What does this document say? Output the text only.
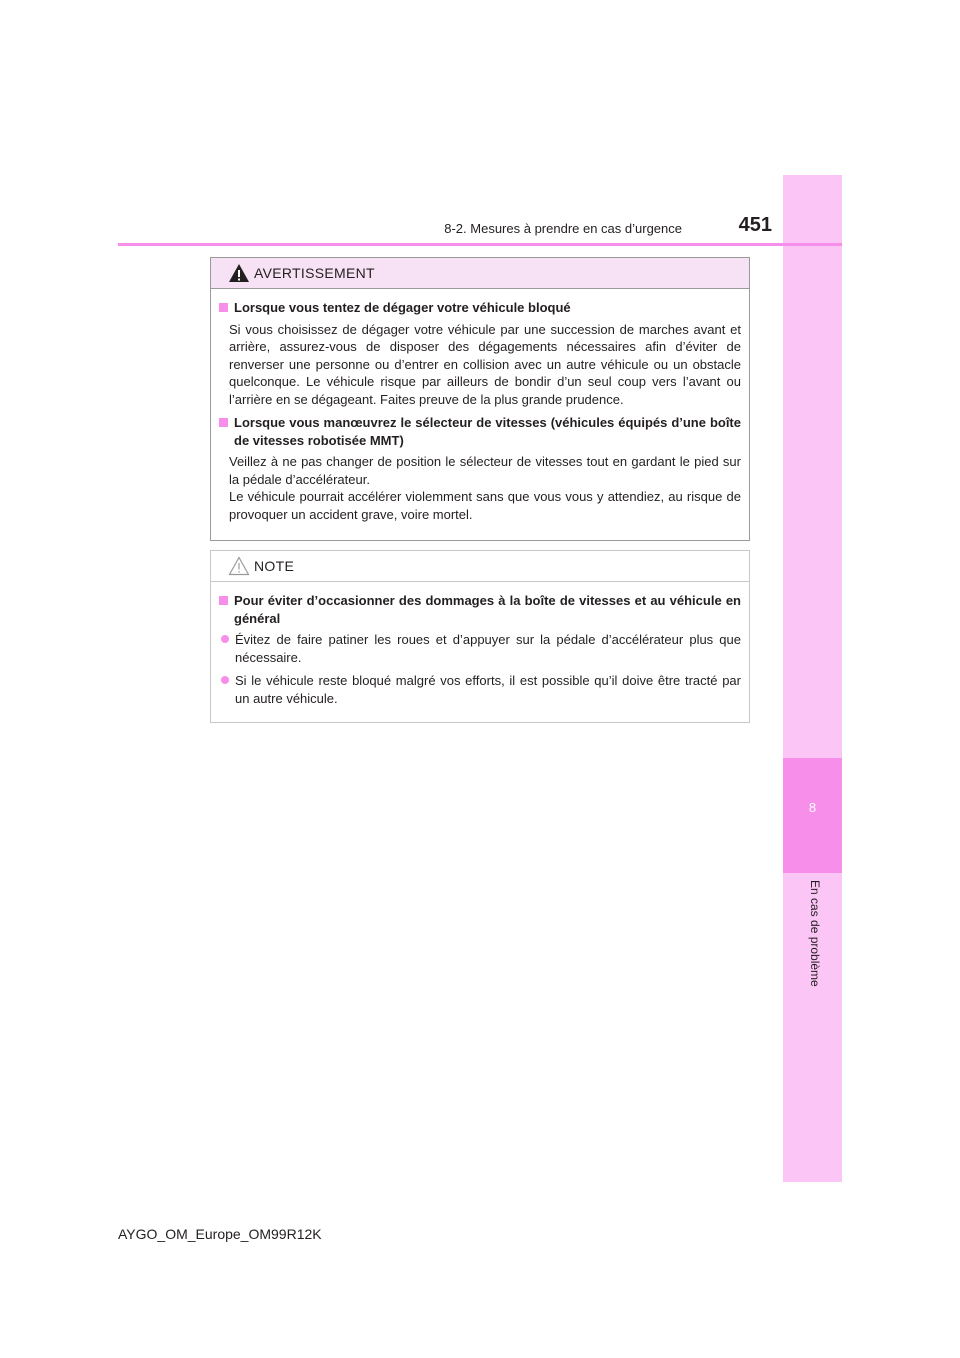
8
En cas de problème
8-2. Mesures à prendre en cas d’urgence	451
AVERTISSEMENT
Lorsque vous tentez de dégager votre véhicule bloqué
Si vous choisissez de dégager votre véhicule par une succession de marches avant et arrière, assurez-vous de disposer des dégagements nécessaires afin d’éviter de renverser une personne ou d’entrer en collision avec un autre véhicule ou un obstacle quelconque. Le véhicule risque par ailleurs de bondir d’un seul coup vers l’avant ou l’arrière en se dégageant. Faites preuve de la plus grande prudence.
Lorsque vous manœuvrez le sélecteur de vitesses (véhicules équipés d’une boîte de vitesses robotisée MMT)
Veillez à ne pas changer de position le sélecteur de vitesses tout en gardant le pied sur la pédale d’accélérateur.
Le véhicule pourrait accélérer violemment sans que vous vous y attendiez, au risque de provoquer un accident grave, voire mortel.
NOTE
Pour éviter d’occasionner des dommages à la boîte de vitesses et au véhicule en général
Évitez de faire patiner les roues et d’appuyer sur la pédale d’accélérateur plus que nécessaire.
Si le véhicule reste bloqué malgré vos efforts, il est possible qu’il doive être tracté par un autre véhicule.
AYGO_OM_Europe_OM99R12K
